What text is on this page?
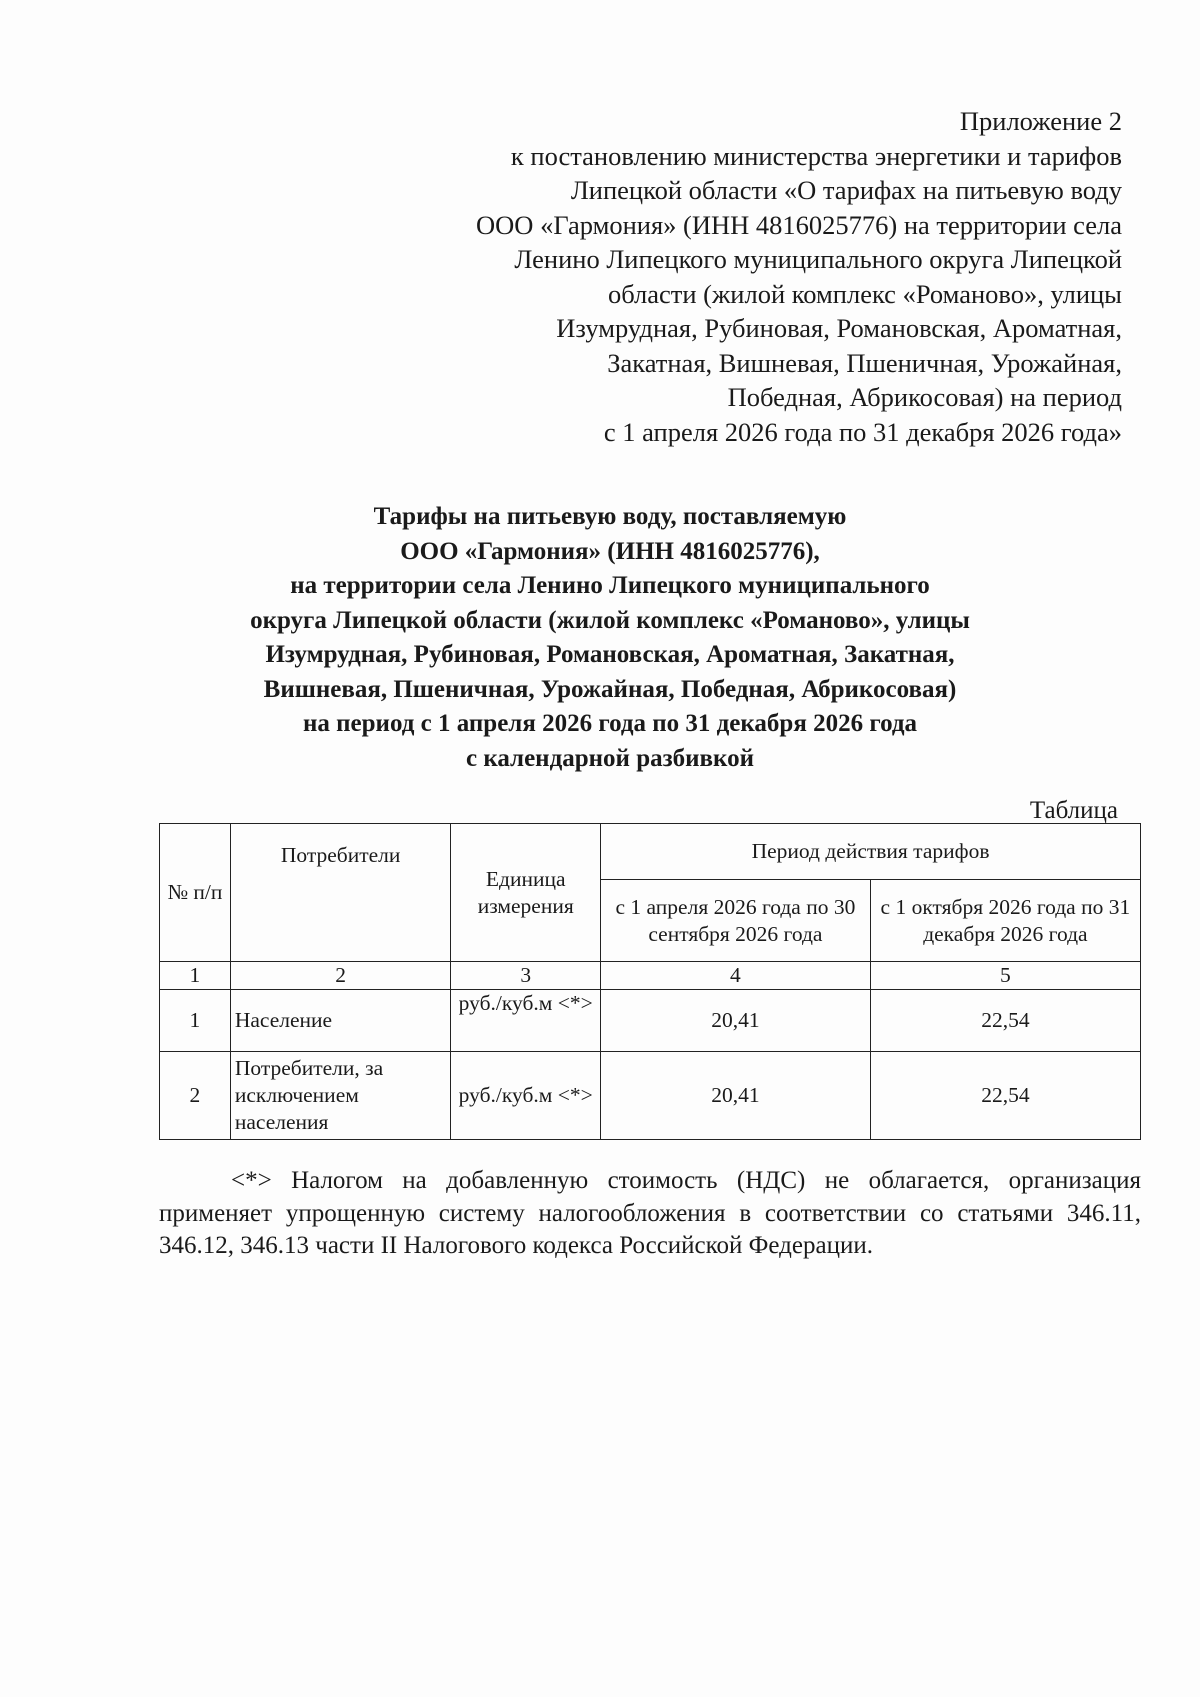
Приложение 2
к постановлению министерства энергетики и тарифов
Липецкой области «О тарифах на питьевую воду
ООО «Гармония» (ИНН 4816025776) на территории села
Ленино Липецкого муниципального округа Липецкой
области (жилой комплекс «Романово», улицы
Изумрудная, Рубиновая, Романовская, Ароматная,
Закатная, Вишневая, Пшеничная, Урожайная,
Победная, Абрикосовая) на период
с 1 апреля 2026 года по 31 декабря 2026 года»
Тарифы на питьевую воду, поставляемую
ООО «Гармония» (ИНН 4816025776),
на территории села Ленино Липецкого муниципального
округа Липецкой области (жилой комплекс «Романово», улицы
Изумрудная, Рубиновая, Романовская, Ароматная, Закатная,
Вишневая, Пшеничная, Урожайная, Победная, Абрикосовая)
на период с 1 апреля 2026 года по 31 декабря 2026 года
с календарной разбивкой
Таблица
№ п/п	Потребители	Единица измерения	Период действия тарифов	
			с 1 апреля 2026 года по 30 сентября 2026 года	с 1 октября 2026 года по 31 декабря 2026 года
1	2	3	4	5
1	Население	руб./куб.м <*>	20,41	22,54
2	Потребители, за исключением населения	руб./куб.м <*>	20,41	22,54
<*> Налогом на добавленную стоимость (НДС) не облагается, организация применяет упрощенную систему налогообложения в соответствии со статьями 346.11, 346.12, 346.13 части II Налогового кодекса Российской Федерации.
